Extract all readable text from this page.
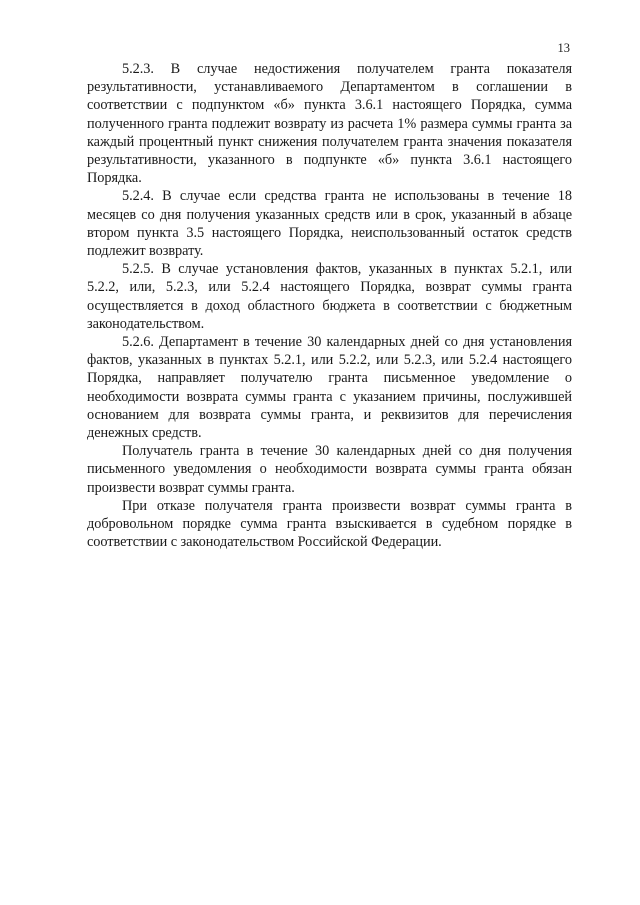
13

5.2.3. В случае недостижения получателем гранта показателя результативности, устанавливаемого Департаментом в соглашении в соответствии с подпунктом «б» пункта 3.6.1 настоящего Порядка, сумма полученного гранта подлежит возврату из расчета 1% размера суммы гранта за каждый процентный пункт снижения получателем гранта значения показателя результативности, указанного в подпункте «б» пункта 3.6.1 настоящего Порядка.

5.2.4. В случае если средства гранта не использованы в течение 18 месяцев со дня получения указанных средств или в срок, указанный в абзаце втором пункта 3.5 настоящего Порядка, неиспользованный остаток средств подлежит возврату.

5.2.5. В случае установления фактов, указанных в пунктах 5.2.1, или 5.2.2, или, 5.2.3, или 5.2.4 настоящего Порядка, возврат суммы гранта осуществляется в доход областного бюджета в соответствии с бюджетным законодательством.

5.2.6. Департамент в течение 30 календарных дней со дня установления фактов, указанных в пунктах 5.2.1, или 5.2.2, или 5.2.3, или 5.2.4 настоящего Порядка, направляет получателю гранта письменное уведомление о необходимости возврата суммы гранта с указанием причины, послужившей основанием для возврата суммы гранта, и реквизитов для перечисления денежных средств.

Получатель гранта в течение 30 календарных дней со дня получения письменного уведомления о необходимости возврата суммы гранта обязан произвести возврат суммы гранта.

При отказе получателя гранта произвести возврат суммы гранта в добровольном порядке сумма гранта взыскивается в судебном порядке в соответствии с законодательством Российской Федерации.
